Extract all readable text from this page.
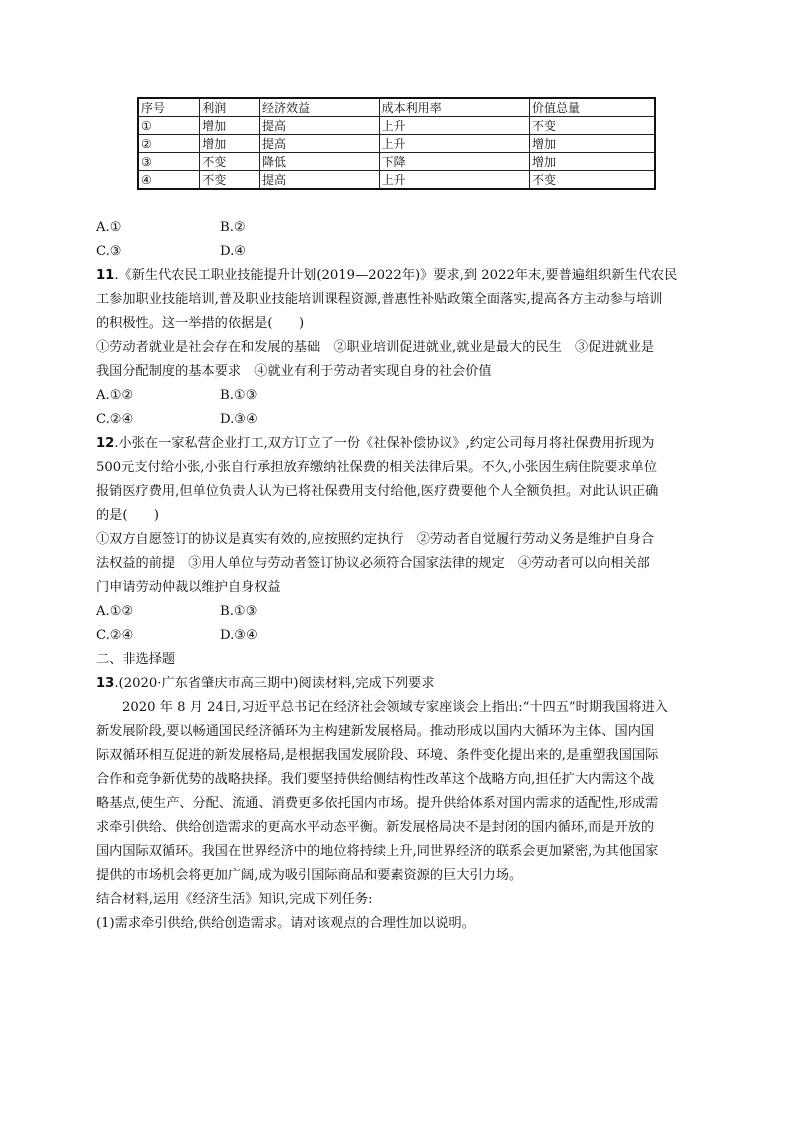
序号	利润	经济效益	成本利用率	价值总量
①	增加	提高	上升	不变
②	增加	提高	上升	增加
③	不变	降低	下降	增加
④	不变	提高	上升	不变
A.①	B.②
C.③	D.④
11.《新生代农民工职业技能提升计划(2019—2022年)》要求,到 2022年末,要普遍组织新生代农民
工参加职业技能培训,普及职业技能培训课程资源,普惠性补贴政策全面落实,提高各方主动参与培训
的积极性。这一举措的依据是(　　)
①劳动者就业是社会存在和发展的基础　②职业培训促进就业,就业是最大的民生　③促进就业是
我国分配制度的基本要求　④就业有利于劳动者实现自身的社会价值
A.①②	B.①③
C.②④	D.③④
12.小张在一家私营企业打工,双方订立了一份《社保补偿协议》,约定公司每月将社保费用折现为
500元支付给小张,小张自行承担放弃缴纳社保费的相关法律后果。不久,小张因生病住院要求单位
报销医疗费用,但单位负责人认为已将社保费用支付给他,医疗费要他个人全额负担。对此认识正确
的是(　　)
①双方自愿签订的协议是真实有效的,应按照约定执行　②劳动者自觉履行劳动义务是维护自身合
法权益的前提　③用人单位与劳动者签订协议必须符合国家法律的规定　④劳动者可以向相关部
门申请劳动仲裁以维护自身权益
A.①②	B.①③
C.②④	D.③④
二、非选择题
13.(2020·广东省肇庆市高三期中)阅读材料,完成下列要求
2020 年 8 月 24日,习近平总书记在经济社会领域专家座谈会上指出:“十四五”时期我国将进入
新发展阶段,要以畅通国民经济循环为主构建新发展格局。推动形成以国内大循环为主体、国内国
际双循环相互促进的新发展格局,是根据我国发展阶段、环境、条件变化提出来的,是重塑我国国际
合作和竞争新优势的战略抉择。我们要坚持供给侧结构性改革这个战略方向,担任扩大内需这个战
略基点,使生产、分配、流通、消费更多依托国内市场。提升供给体系对国内需求的适配性,形成需
求牵引供给、供给创造需求的更高水平动态平衡。新发展格局决不是封闭的国内循环,而是开放的
国内国际双循环。我国在世界经济中的地位将持续上升,同世界经济的联系会更加紧密,为其他国家
提供的市场机会将更加广阔,成为吸引国际商品和要素资源的巨大引力场。
结合材料,运用《经济生活》知识,完成下列任务:
(1)需求牵引供给,供给创造需求。请对该观点的合理性加以说明。
